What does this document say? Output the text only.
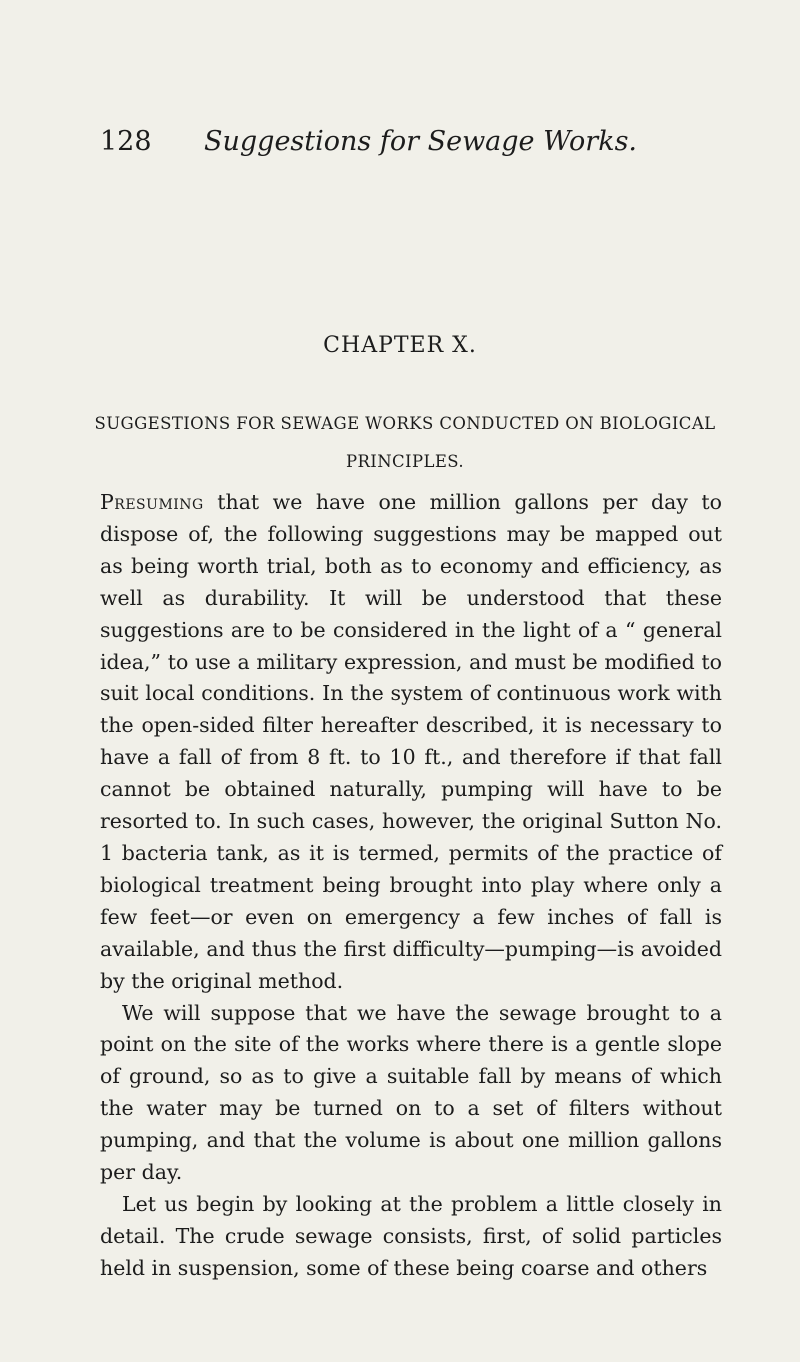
128 Suggestions for Sewage Works.
CHAPTER X.
SUGGESTIONS FOR SEWAGE WORKS CONDUCTED ON BIOLOGICAL PRINCIPLES.

Presuming that we have one million gallons per day to dispose of, the following suggestions may be mapped out as being worth trial, both as to economy and efficiency, as well as durability. It will be understood that these suggestions are to be considered in the light of a “ general idea,” to use a military expression, and must be modified to suit local conditions. In the system of continuous work with the open-sided filter hereafter described, it is necessary to have a fall of from 8 ft. to 10 ft., and therefore if that fall cannot be obtained naturally, pumping will have to be resorted to. In such cases, however, the original Sutton No. 1 bacteria tank, as it is termed, permits of the practice of biological treatment being brought into play where only a few feet—or even on emergency a few inches of fall is available, and thus the first difficulty—pumping—is avoided by the original method.

We will suppose that we have the sewage brought to a point on the site of the works where there is a gentle slope of ground, so as to give a suitable fall by means of which the water may be turned on to a set of filters without pumping, and that the volume is about one million gallons per day.

Let us begin by looking at the problem a little closely in detail. The crude sewage consists, first, of solid particles held in suspension, some of these being coarse and others
